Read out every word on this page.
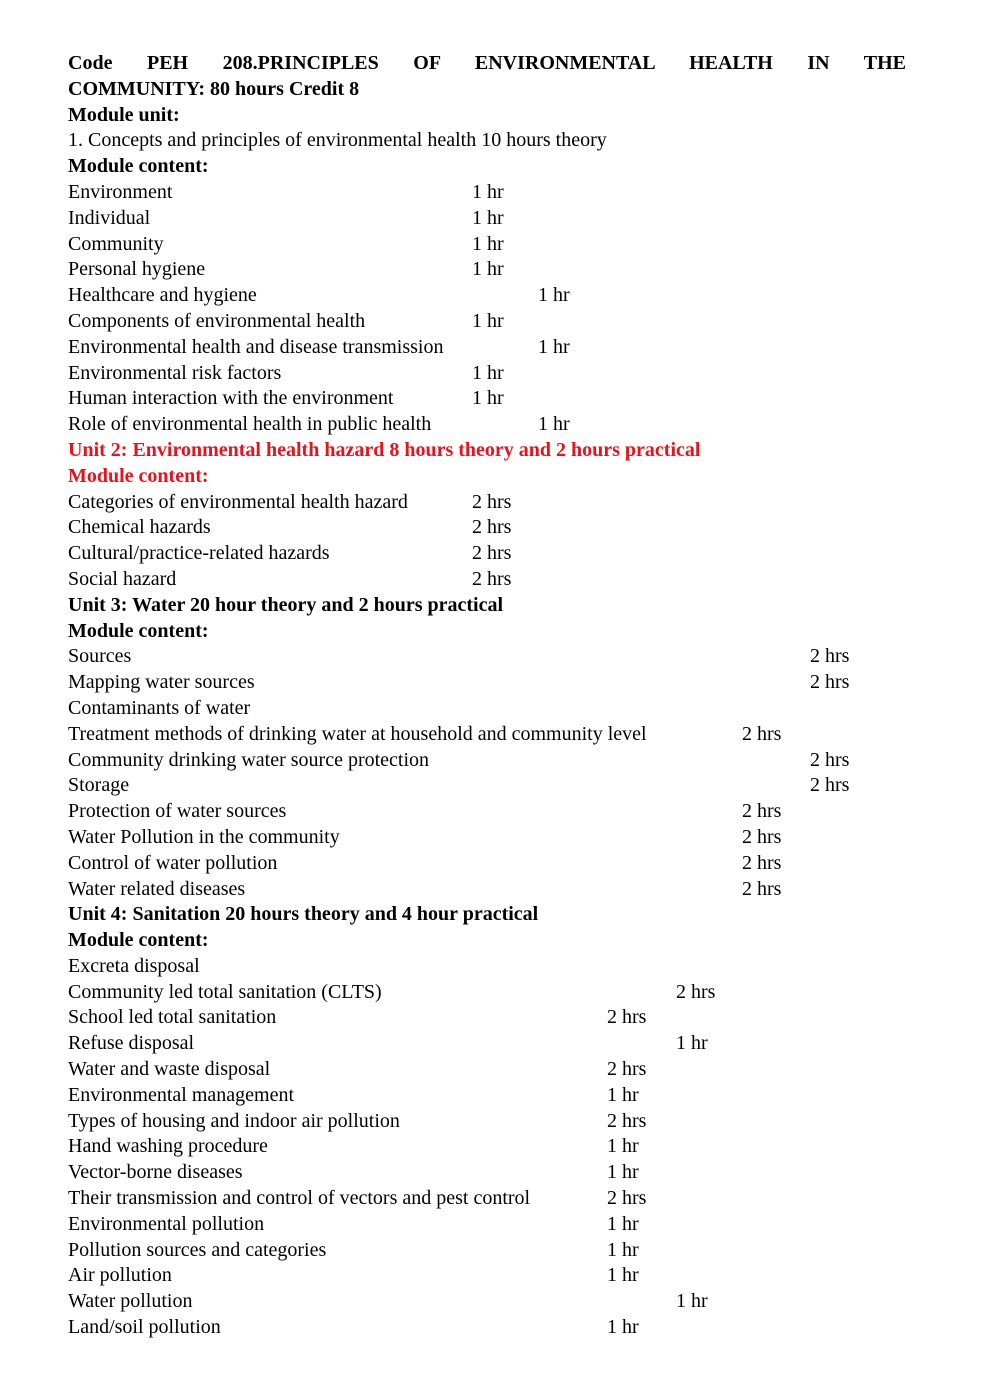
Code PEH 208.PRINCIPLES OF ENVIRONMENTAL HEALTH IN THE
COMMUNITY: 80 hours Credit 8
Module unit:
1. Concepts and principles of environmental health 10 hours theory
Module content:
Environment	1 hr
Individual	1 hr
Community	1 hr
Personal hygiene	1 hr
Healthcare and hygiene	1 hr
Components of environmental health	1 hr
Environmental health and disease transmission	1 hr
Environmental risk factors	1 hr
Human interaction with the environment	1 hr
Role of environmental health in public health	1 hr
Unit 2: Environmental health hazard 8 hours theory and 2 hours practical
Module content:
Categories of environmental health hazard	2 hrs
Chemical hazards	2 hrs
Cultural/practice-related hazards	2 hrs
Social hazard	2 hrs
Unit 3: Water 20 hour theory and 2 hours practical
Module content:
Sources	2 hrs
Mapping water sources	2 hrs
Contaminants of water
Treatment methods of drinking water at household and community level	2 hrs
Community drinking water source protection	2 hrs
Storage	2 hrs
Protection of water sources	2 hrs
Water Pollution in the community	2 hrs
Control of water pollution	2 hrs
Water related diseases	2 hrs
Unit 4: Sanitation 20 hours theory and 4 hour practical
Module content:
Excreta disposal
Community led total sanitation (CLTS)	2 hrs
School led total sanitation	2 hrs
Refuse disposal	1 hr
Water and waste disposal	2 hrs
Environmental management	1 hr
Types of housing and indoor air pollution	2 hrs
Hand washing procedure	1 hr
Vector-borne diseases	1 hr
Their transmission and control of vectors and pest control	2 hrs
Environmental pollution	1 hr
Pollution sources and categories	1 hr
Air pollution	1 hr
Water pollution	1 hr
Land/soil pollution	1 hr
